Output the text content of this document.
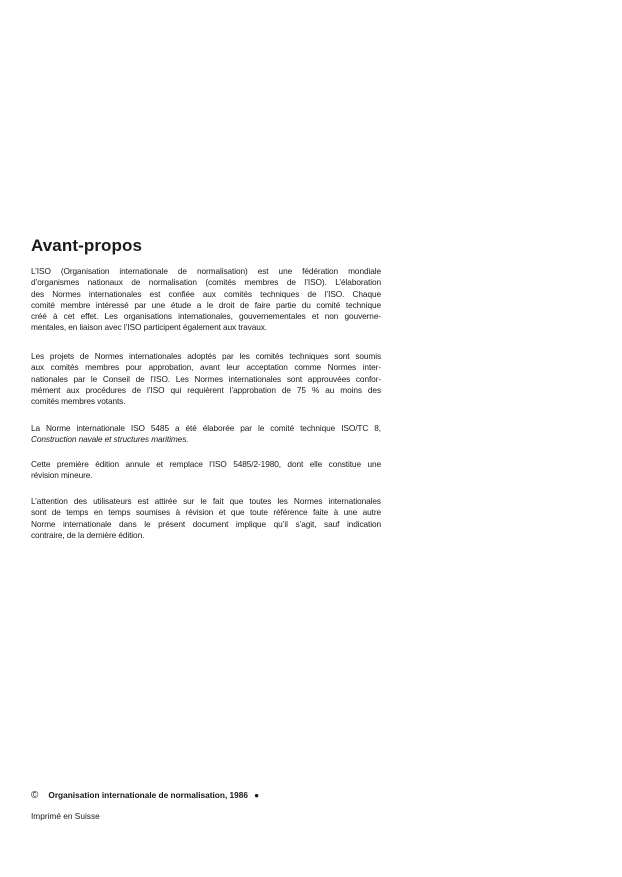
Avant-propos
L’ISO (Organisation internationale de normalisation) est une fédération mondiale
d’organismes nationaux de normalisation (comités membres de l’ISO). L’élaboration
des Normes internationales est confiée aux comités techniques de l’ISO. Chaque
comité membre intéressé par une étude a le droit de faire partie du comité technique
créé à cet effet. Les organisations internationales, gouvernementales et non gouverne-
mentales, en liaison avec l’ISO participent également aux travaux.
Les projets de Normes internationales adoptés par les comités techniques sont soumis
aux comités membres pour approbation, avant leur acceptation comme Normes inter-
nationales par le Conseil de l’ISO. Les Normes internationales sont approuvées confor-
mément aux procédures de l’ISO qui requièrent l’approbation de 75 % au moins des
comités membres votants.
La Norme internationale ISO 5485 a été élaborée par le comité technique ISO/TC 8,
Construction navale et structures maritimes.
Cette première édition annule et remplace l’ISO 5485/2-1980, dont elle constitue une
révision mineure.
L’attention des utilisateurs est attirée sur le fait que toutes les Normes internationales
sont de temps en temps soumises à révision et que toute référence faite à une autre
Norme internationale dans le présent document implique qu’il s’agit, sauf indication
contraire, de la dernière édition.
© Organisation internationale de normalisation, 1986 ●
Imprimé en Suisse
